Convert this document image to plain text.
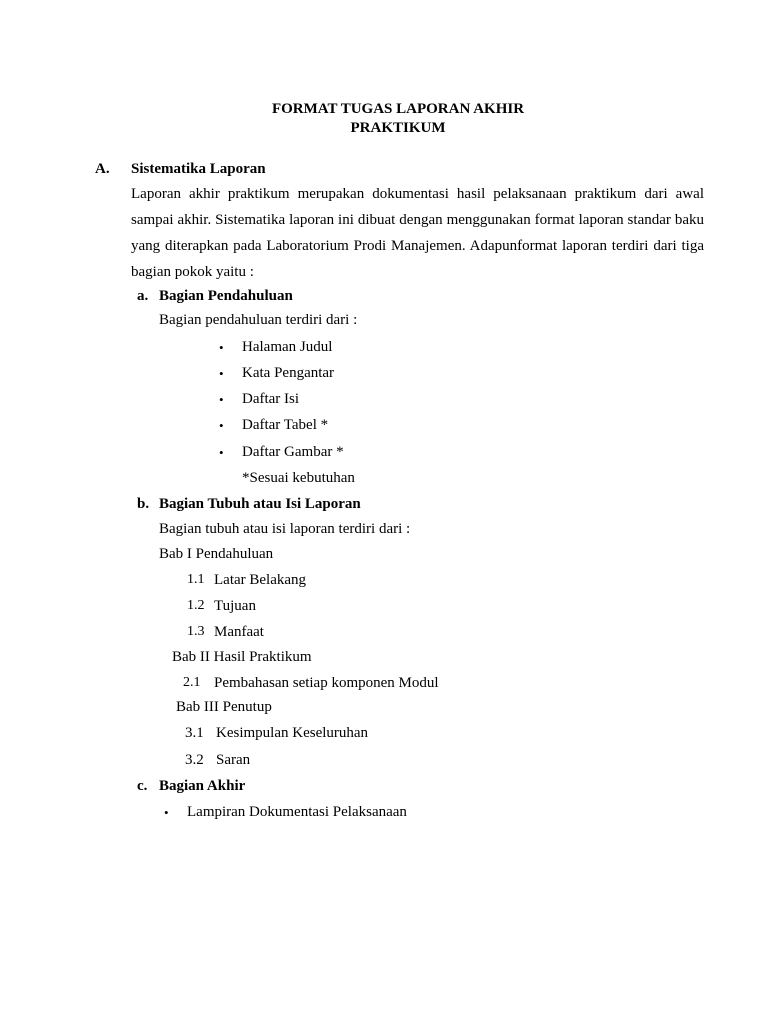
FORMAT TUGAS LAPORAN AKHIR
PRAKTIKUM
A. Sistematika Laporan

Laporan akhir praktikum merupakan dokumentasi hasil pelaksanaan praktikum dari awal sampai akhir. Sistematika laporan ini dibuat dengan menggunakan format laporan standar baku yang diterapkan pada Laboratorium Prodi Manajemen. Adapunformat laporan terdiri dari tiga bagian pokok yaitu :

a. Bagian Pendahuluan
Bagian pendahuluan terdiri dari :
• Halaman Judul
• Kata Pengantar
• Daftar Isi
• Daftar Tabel *
• Daftar Gambar *
*Sesuai kebutuhan
b. Bagian Tubuh atau Isi Laporan
Bagian tubuh atau isi laporan terdiri dari :
Bab I Pendahuluan
1.1 Latar Belakang
1.2 Tujuan
1.3 Manfaat
Bab II Hasil Praktikum
2.1 Pembahasan setiap komponen Modul
Bab III Penutup
3.1 Kesimpulan Keseluruhan
3.2 Saran
c. Bagian Akhir
• Lampiran Dokumentasi Pelaksanaan
